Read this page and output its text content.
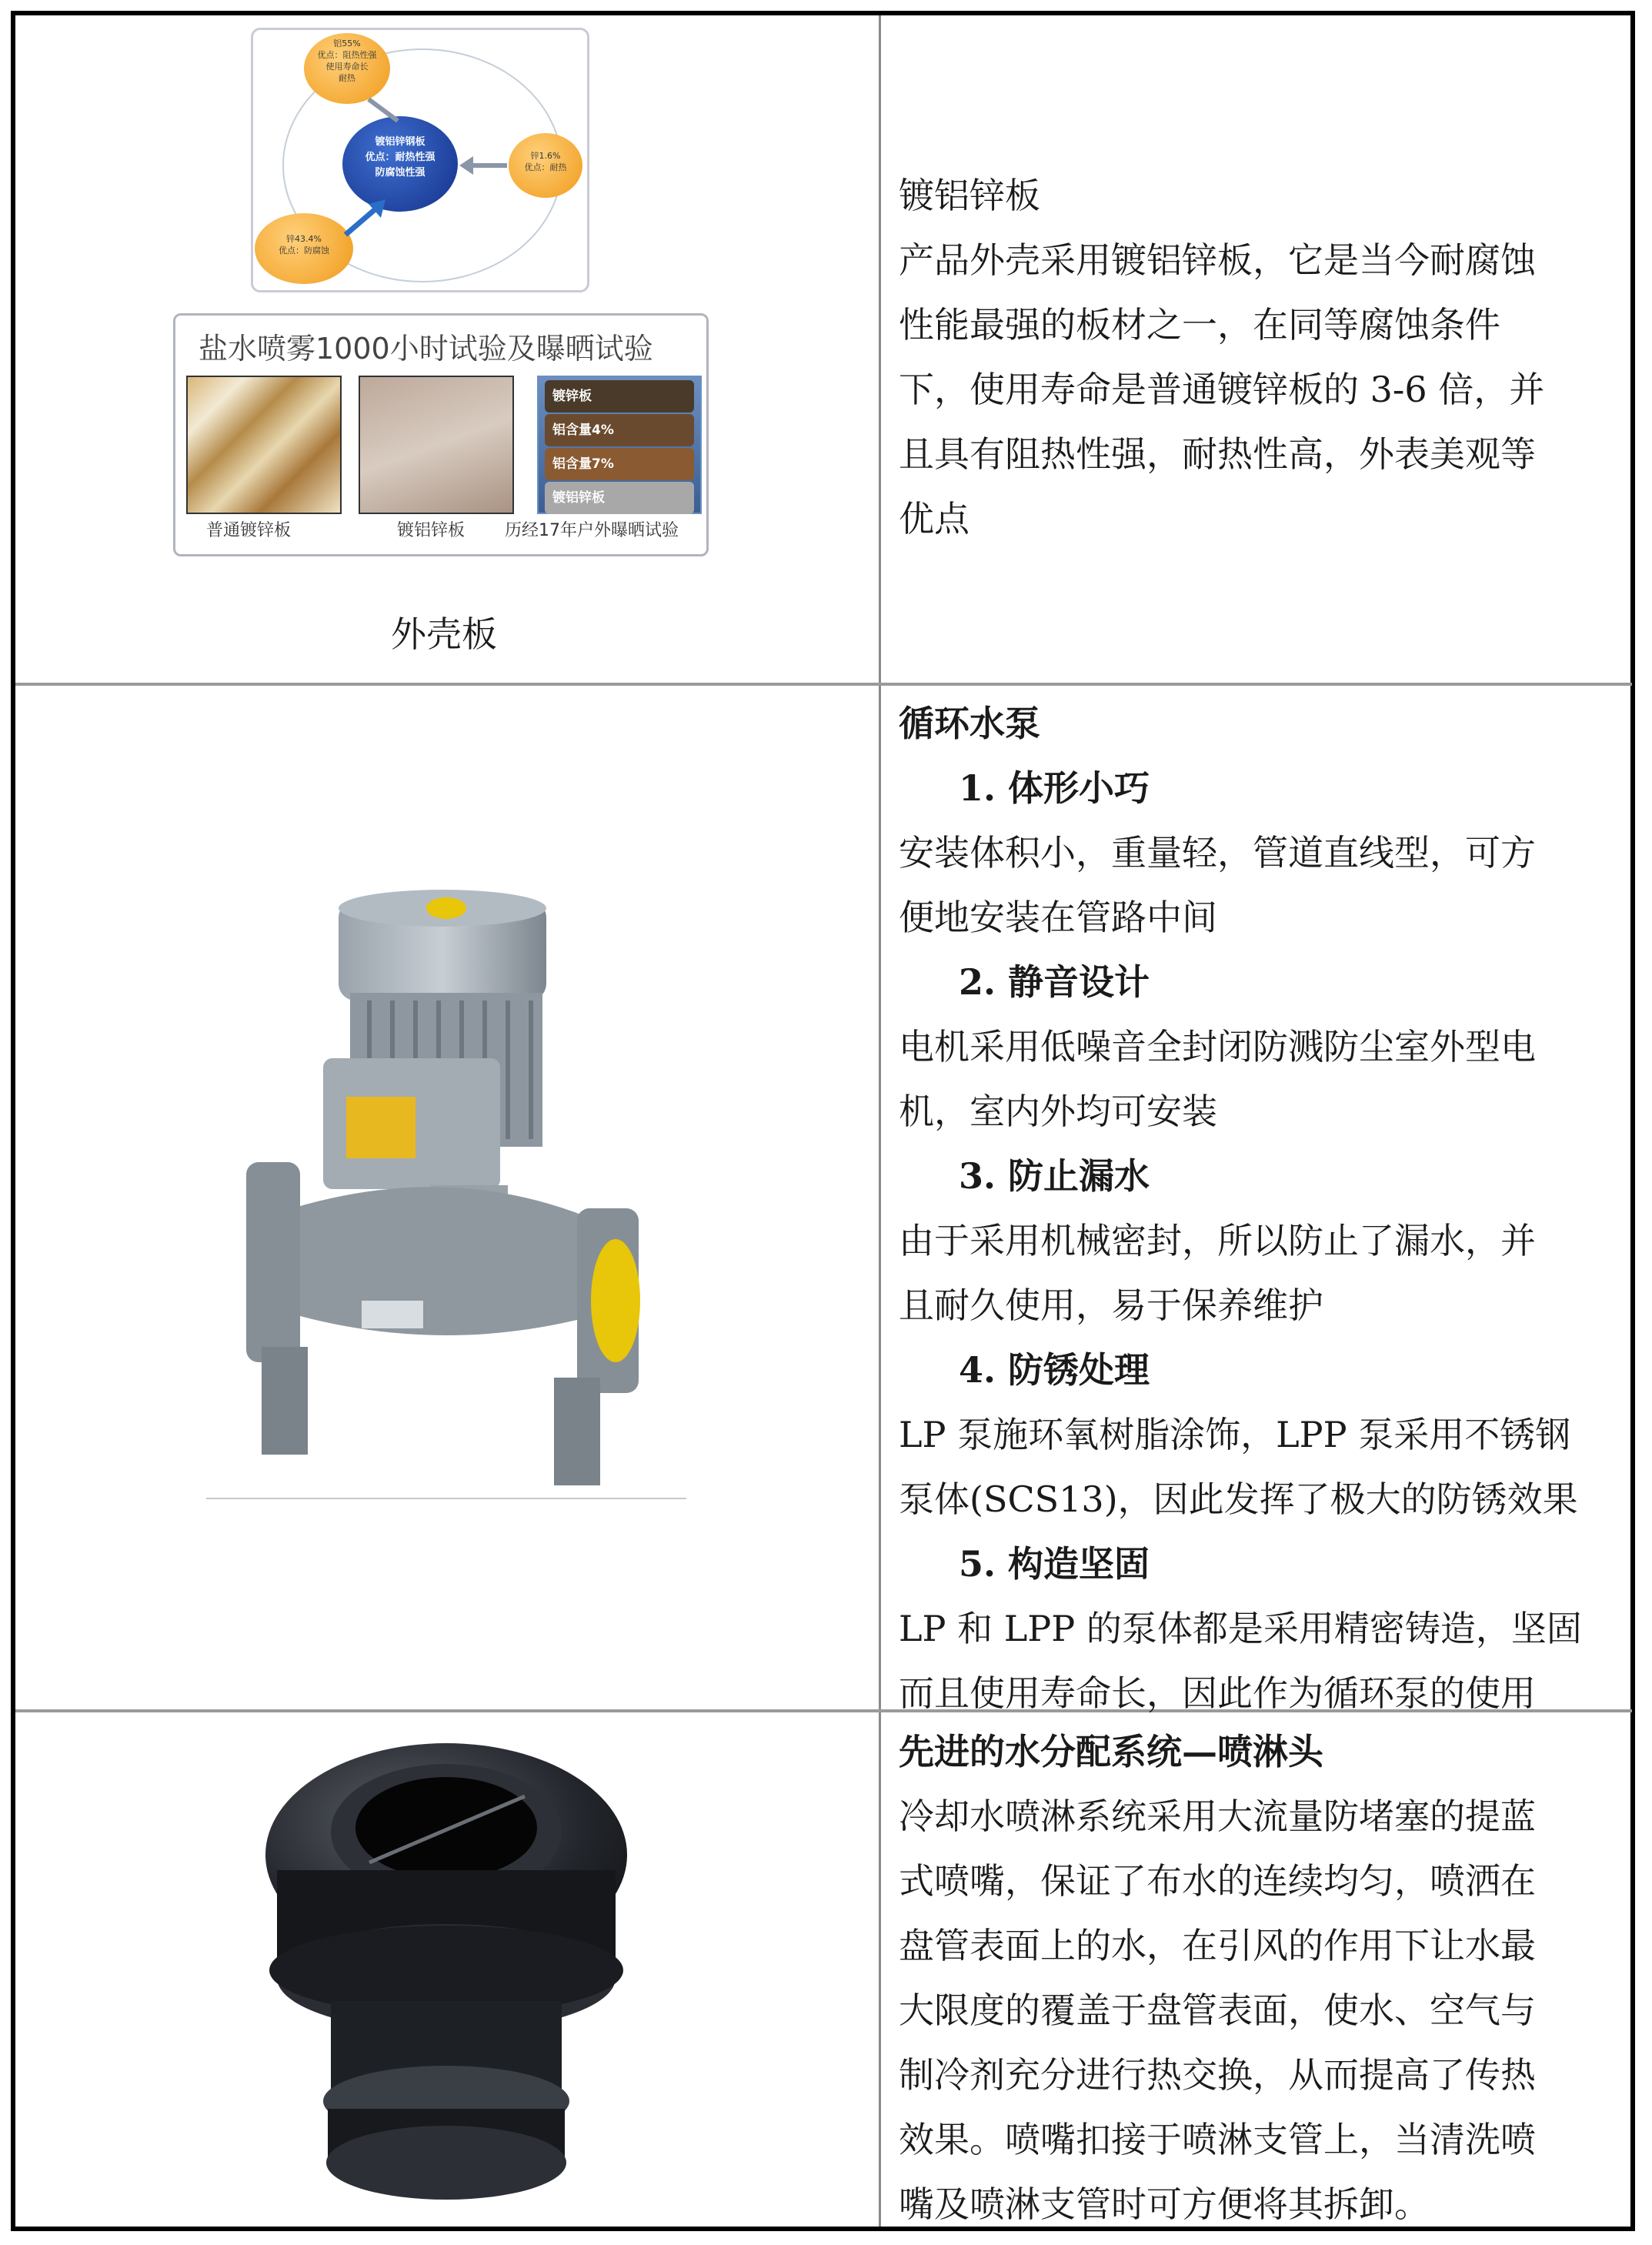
铝55%
优点：阻热性强
使用寿命长
耐热
镀铝锌钢板
优点：耐热性强
防腐蚀性强
锌1.6%
优点：耐热
锌43.4%
优点：防腐蚀
盐水喷雾1000小时试验及曝晒试验
镀锌板
铝含量4%
铝含量7%
镀铝锌板
普通镀锌板	镀铝锌板 历经17年户外曝晒试验
外壳板

镀铝锌板

产品外壳采用镀铝锌板，它是当今耐腐蚀

性能最强的板材之一，在同等腐蚀条件

下，使用寿命是普通镀锌板的 3-6 倍，并

且具有阻热性强，耐热性高，外表美观等

优点

循环水泵

1. 体形小巧

安装体积小，重量轻，管道直线型，可方

便地安装在管路中间

2. 静音设计

电机采用低噪音全封闭防溅防尘室外型电

机，室内外均可安装

3. 防止漏水

由于采用机械密封，所以防止了漏水，并

且耐久使用，易于保养维护

4. 防锈处理

LP 泵施环氧树脂涂饰，LPP 泵采用不锈钢

泵体(SCS13)，因此发挥了极大的防锈效果

5. 构造坚固

LP 和 LPP 的泵体都是采用精密铸造，坚固

而且使用寿命长，因此作为循环泵的使用

先进的水分配系统—喷淋头

冷却水喷淋系统采用大流量防堵塞的提蓝

式喷嘴，保证了布水的连续均匀，喷洒在

盘管表面上的水，在引风的作用下让水最

大限度的覆盖于盘管表面，使水、空气与

制冷剂充分进行热交换，从而提高了传热

效果。喷嘴扣接于喷淋支管上，当清洗喷

嘴及喷淋支管时可方便将其拆卸。
